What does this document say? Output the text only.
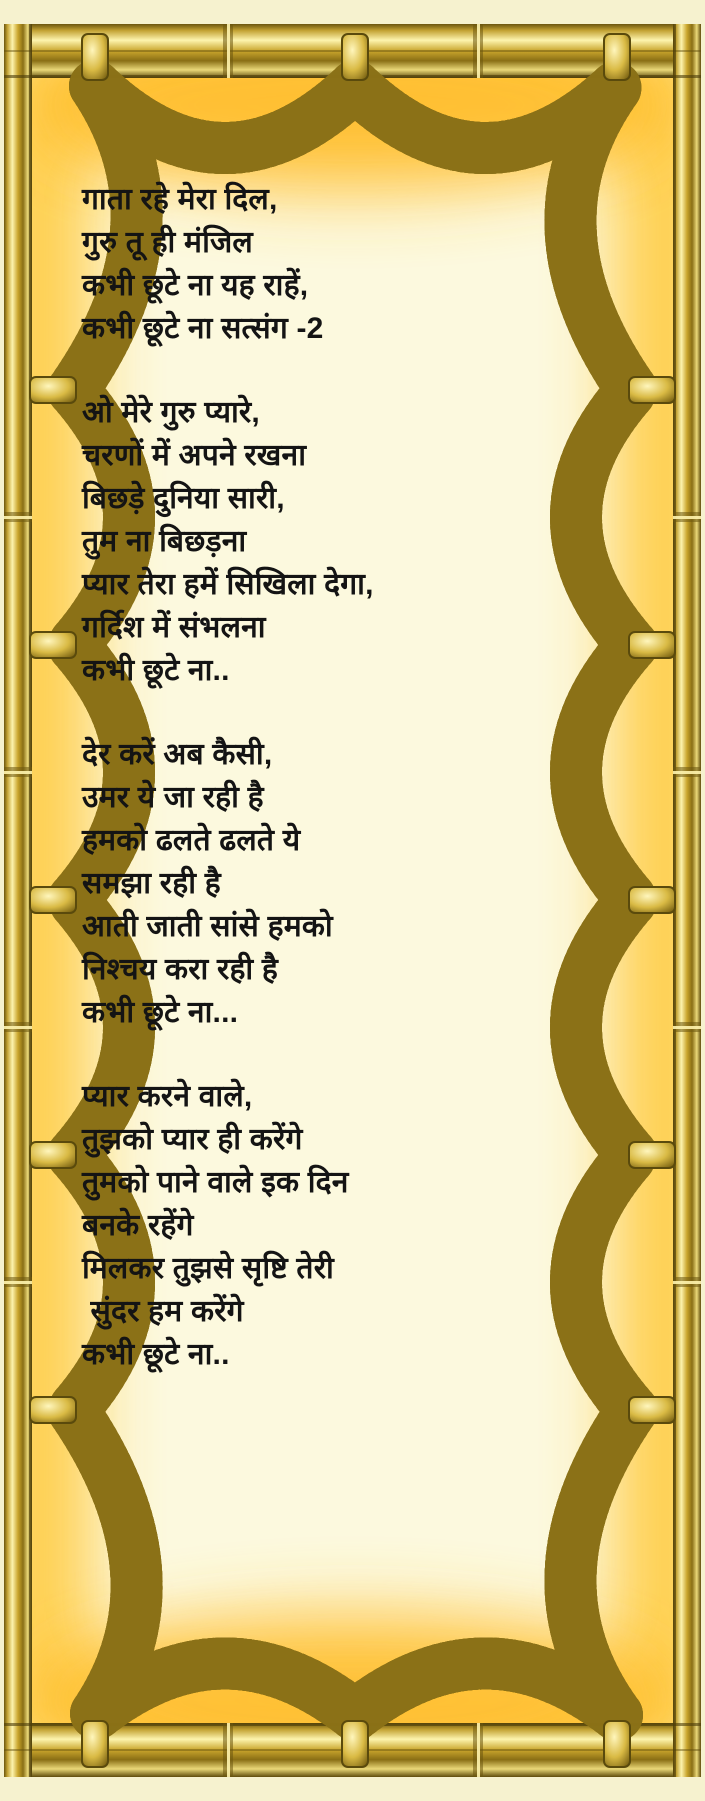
गाता रहे मेरा दिल,
गुरु तू ही मंजिल
कभी छूटे ना यह राहें,
कभी छूटे ना सत्संग -2
ओ मेरे गुरु प्यारे,
चरणों में अपने रखना
बिछड़े दुनिया सारी,
तुम ना बिछड़ना
प्यार तेरा हमें सिखिला देगा,
गर्दिश में संभलना
कभी छूटे ना..
देर करें अब कैसी,
उमर ये जा रही है
हमको ढलते ढलते ये
समझा रही है
आती जाती सांसे हमको
निश्चय करा रही है
कभी छूटे ना...
प्यार करने वाले,
तुझको प्यार ही करेंगे
तुमको पाने वाले इक दिन
बनके रहेंगे
मिलकर तुझसे सृष्टि तेरी
सुंदर हम करेंगे
कभी छूटे ना..
